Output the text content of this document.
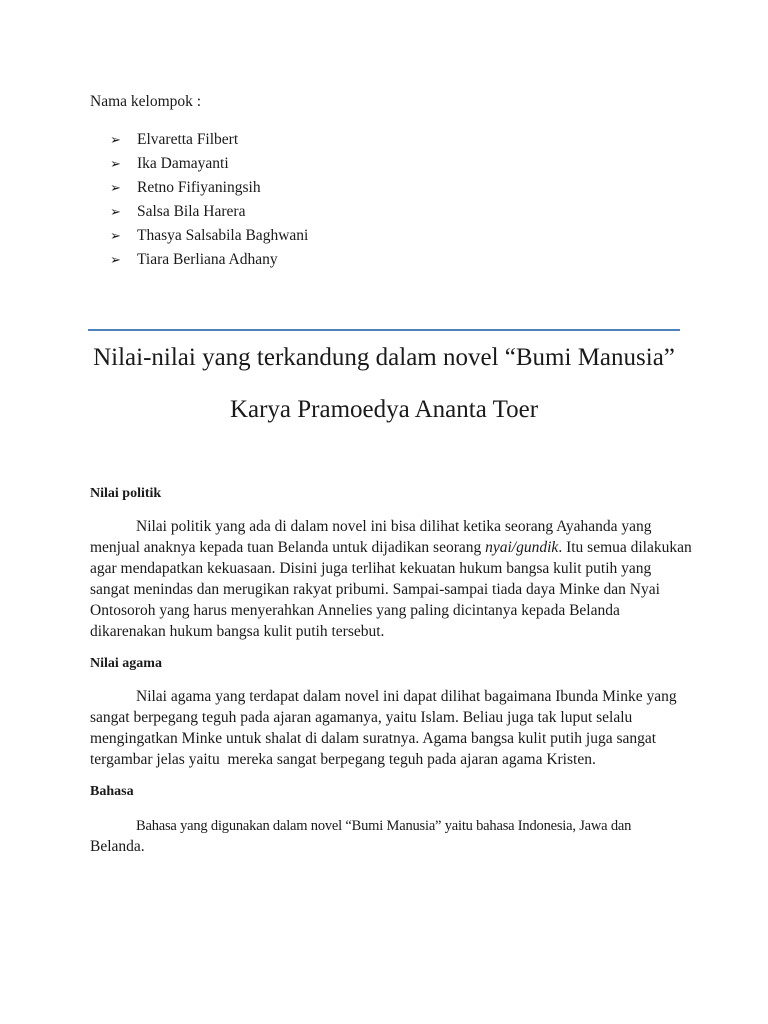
Nama kelompok :
➢ Elvaretta Filbert
➢ Ika Damayanti
➢ Retno Fifiyaningsih
➢ Salsa Bila Harera
➢ Thasya Salsabila Baghwani
➢ Tiara Berliana Adhany
Nilai-nilai yang terkandung dalam novel “Bumi Manusia”
Karya Pramoedya Ananta Toer
Nilai politik
Nilai politik yang ada di dalam novel ini bisa dilihat ketika seorang Ayahanda yang
menjual anaknya kepada tuan Belanda untuk dijadikan seorang nyai/gundik. Itu semua dilakukan
agar mendapatkan kekuasaan. Disini juga terlihat kekuatan hukum bangsa kulit putih yang
sangat menindas dan merugikan rakyat pribumi. Sampai-sampai tiada daya Minke dan Nyai
Ontosoroh yang harus menyerahkan Annelies yang paling dicintanya kepada Belanda
dikarenakan hukum bangsa kulit putih tersebut.
Nilai agama
Nilai agama yang terdapat dalam novel ini dapat dilihat bagaimana Ibunda Minke yang
sangat berpegang teguh pada ajaran agamanya, yaitu Islam. Beliau juga tak luput selalu
mengingatkan Minke untuk shalat di dalam suratnya. Agama bangsa kulit putih juga sangat
tergambar jelas yaitu  mereka sangat berpegang teguh pada ajaran agama Kristen.
Bahasa
Bahasa yang digunakan dalam novel “Bumi Manusia” yaitu bahasa Indonesia, Jawa dan
Belanda.
